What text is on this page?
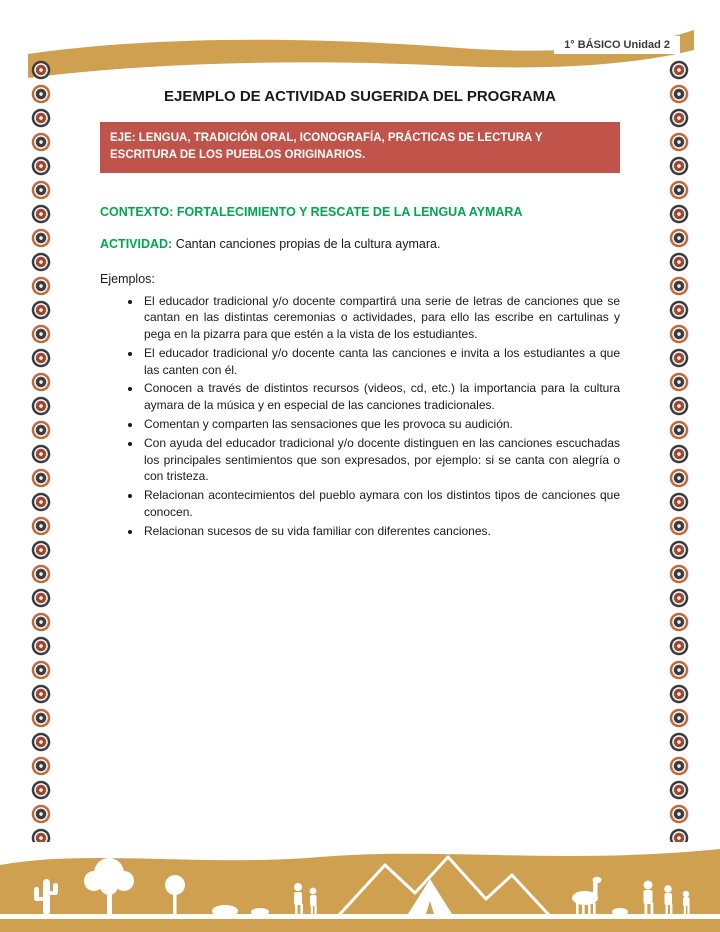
1° BÁSICO Unidad 2
EJEMPLO DE ACTIVIDAD SUGERIDA DEL PROGRAMA
EJE: LENGUA, TRADICIÓN ORAL, ICONOGRAFÍA, PRÁCTICAS DE LECTURA Y ESCRITURA DE LOS PUEBLOS ORIGINARIOS.
CONTEXTO: FORTALECIMIENTO Y RESCATE DE LA LENGUA AYMARA

ACTIVIDAD: Cantan canciones propias de la cultura aymara.

Ejemplos:

• El educador tradicional y/o docente compartirá una serie de letras de canciones que se cantan en las distintas ceremonias o actividades, para ello las escribe en cartulinas y pega en la pizarra para que estén a la vista de los estudiantes.
• El educador tradicional y/o docente canta las canciones e invita a los estudiantes a que las canten con él.
• Conocen a través de distintos recursos (videos, cd, etc.) la importancia para la cultura aymara de la música y en especial de las canciones tradicionales.
• Comentan y comparten las sensaciones que les provoca su audición.
• Con ayuda del educador tradicional y/o docente distinguen en las canciones escuchadas los principales sentimientos que son expresados, por ejemplo: si se canta con alegría o con tristeza.
• Relacionan acontecimientos del pueblo aymara con los distintos tipos de canciones que conocen.
• Relacionan sucesos de su vida familiar con diferentes canciones.
